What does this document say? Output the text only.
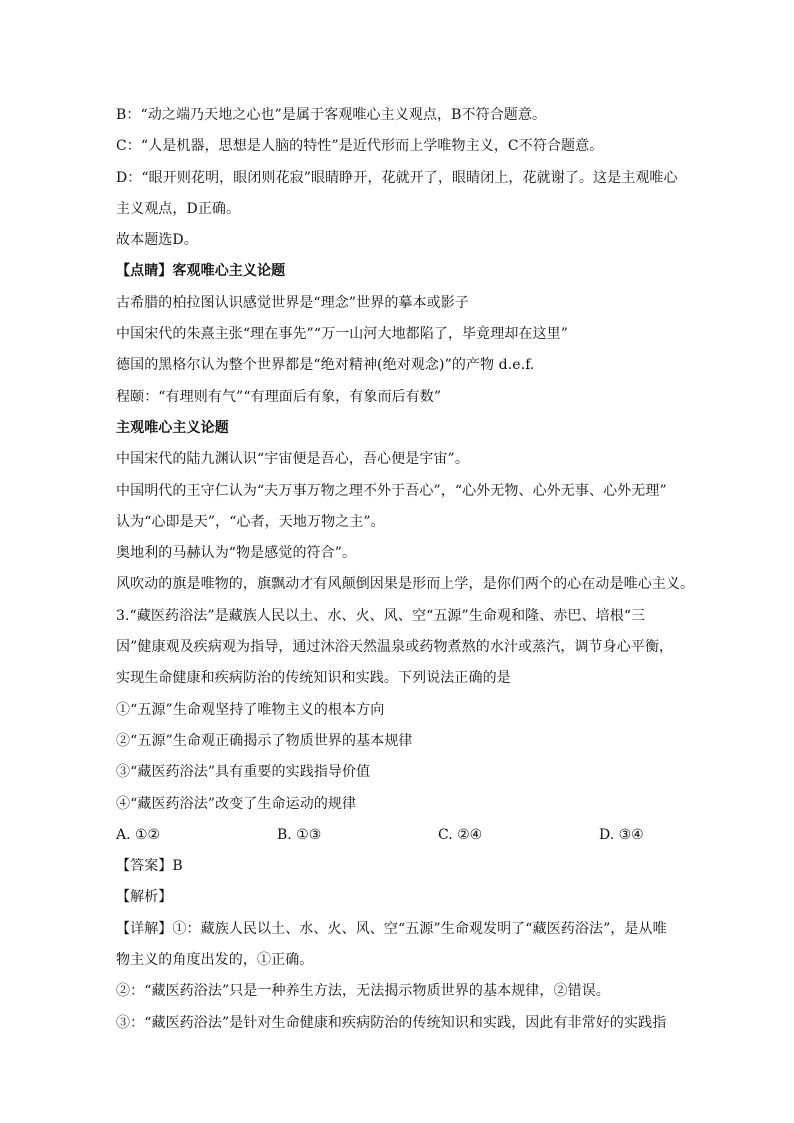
B：“动之端乃天地之心也”是属于客观唯心主义观点，B不符合题意。
C：“人是机器，思想是人脑的特性”是近代形而上学唯物主义，C不符合题意。
D：“眼开则花明，眼闭则花寂”眼睛睁开，花就开了，眼睛闭上，花就谢了。这是主观唯心
主义观点，D正确。
故本题选D。
【点睛】客观唯心主义论题
古希腊的柏拉图认识感觉世界是“理念”世界的摹本或影子
中国宋代的朱熹主张“理在事先”“万一山河大地都陷了，毕竟理却在这里”
德国的黑格尔认为整个世界都是“绝对精神(绝对观念)”的产物 d.e.f.
程颐：“有理则有气”“有理面后有象，有象而后有数”
主观唯心主义论题
中国宋代的陆九渊认识“宇宙便是吾心，吾心便是宇宙”。
中国明代的王守仁认为“夫万事万物之理不外于吾心”，“心外无物、心外无事、心外无理”
认为“心即是天”，“心者，天地万物之主”。
奥地利的马赫认为“物是感觉的符合”。
风吹动的旗是唯物的，旗飘动才有风颠倒因果是形而上学，是你们两个的心在动是唯心主义。
3.“藏医药浴法”是藏族人民以土、水、火、风、空“五源”生命观和隆、赤巴、培根“三
因”健康观及疾病观为指导，通过沐浴天然温泉或药物煮熬的水汁或蒸汽，调节身心平衡，
实现生命健康和疾病防治的传统知识和实践。下列说法正确的是
①“五源”生命观坚持了唯物主义的根本方向
②“五源”生命观正确揭示了物质世界的基本规律
③“藏医药浴法”具有重要的实践指导价值
④“藏医药浴法”改变了生命运动的规律
A. ①②	B. ①③	C. ②④	D. ③④
【答案】B
【解析】
【详解】①：藏族人民以土、水、火、风、空“五源”生命观发明了“藏医药浴法”，是从唯
物主义的角度出发的，①正确。
②：“藏医药浴法”只是一种养生方法，无法揭示物质世界的基本规律，②错误。
③：“藏医药浴法”是针对生命健康和疾病防治的传统知识和实践，因此有非常好的实践指
